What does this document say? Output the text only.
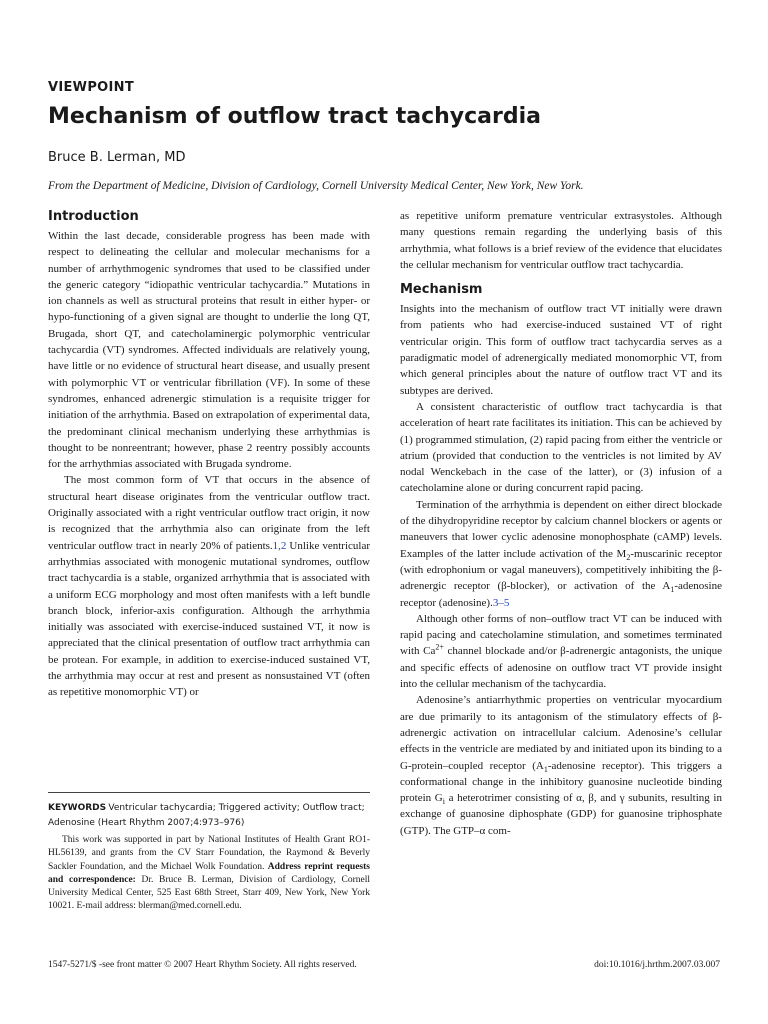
VIEWPOINT
Mechanism of outflow tract tachycardia
Bruce B. Lerman, MD
From the Department of Medicine, Division of Cardiology, Cornell University Medical Center, New York, New York.
Introduction

Within the last decade, considerable progress has been made with respect to delineating the cellular and molecular mechanisms for a number of arrhythmogenic syndromes that used to be classified under the generic category “idiopathic ventricular tachycardia.” Mutations in ion channels as well as structural proteins that result in either hyper- or hypo-functioning of a given signal are thought to underlie the long QT, Brugada, short QT, and catecholaminergic polymorphic ventricular tachycardia (VT) syndromes. Affected individuals are relatively young, have little or no evidence of structural heart disease, and usually present with polymorphic VT or ventricular fibrillation (VF). In some of these syndromes, enhanced adrenergic stimulation is a requisite trigger for initiation of the arrhythmia. Based on extrapolation of experimental data, the predominant clinical mechanism underlying these arrhythmias is thought to be nonreentrant; however, phase 2 reentry possibly accounts for the arrhythmias associated with Brugada syndrome.

The most common form of VT that occurs in the absence of structural heart disease originates from the ventricular outflow tract. Originally associated with a right ventricular outflow tract origin, it now is recognized that the arrhythmia also can originate from the left ventricular outflow tract in nearly 20% of patients.1,2 Unlike ventricular arrhythmias associated with monogenic mutational syndromes, outflow tract tachycardia is a stable, organized arrhythmia that is associated with a uniform ECG morphology and most often manifests with a left bundle branch block, inferior-axis configuration. Although the arrhythmia initially was associated with exercise-induced sustained VT, it now is appreciated that the clinical presentation of outflow tract arrhythmia can be protean. For example, in addition to exercise-induced sustained VT, the arrhythmia may occur at rest and present as nonsustained VT (often as repetitive monomorphic VT) or

KEYWORDS Ventricular tachycardia; Triggered activity; Outflow tract; Adenosine (Heart Rhythm 2007;4:973–976)

This work was supported in part by National Institutes of Health Grant RO1-HL56139, and grants from the CV Starr Foundation, the Raymond & Beverly Sackler Foundation, and the Michael Wolk Foundation. Address reprint requests and correspondence: Dr. Bruce B. Lerman, Division of Cardiology, Cornell University Medical Center, 525 East 68th Street, Starr 409, New York, New York 10021. E-mail address: blerman@med.cornell.edu.

as repetitive uniform premature ventricular extrasystoles. Although many questions remain regarding the underlying basis of this arrhythmia, what follows is a brief review of the evidence that elucidates the cellular mechanism for ventricular outflow tract tachycardia.

Mechanism

Insights into the mechanism of outflow tract VT initially were drawn from patients who had exercise-induced sustained VT of right ventricular origin. This form of outflow tract tachycardia serves as a paradigmatic model of adrenergically mediated monomorphic VT, from which general principles about the nature of outflow tract VT and its subtypes are derived.

A consistent characteristic of outflow tract tachycardia is that acceleration of heart rate facilitates its initiation. This can be achieved by (1) programmed stimulation, (2) rapid pacing from either the ventricle or atrium (provided that conduction to the ventricles is not limited by AV nodal Wenckebach in the case of the latter), or (3) infusion of a catecholamine alone or during concurrent rapid pacing.

Termination of the arrhythmia is dependent on either direct blockade of the dihydropyridine receptor by calcium channel blockers or agents or maneuvers that lower cyclic adenosine monophosphate (cAMP) levels. Examples of the latter include activation of the $M_2$-muscarinic receptor (with edrophonium or vagal maneuvers), competitively inhibiting the β-adrenergic receptor (β-blocker), or activation of the $A_1$-adenosine receptor (adenosine).3–5

Although other forms of non–outflow tract VT can be induced with rapid pacing and catecholamine stimulation, and sometimes terminated with $Ca^{2+}$ channel blockade and/or β-adrenergic antagonists, the unique and specific effects of adenosine on outflow tract VT provide insight into the cellular mechanism of the tachycardia.

Adenosine’s antiarrhythmic properties on ventricular myocardium are due primarily to its antagonism of the stimulatory effects of β-adrenergic activation on intracellular calcium. Adenosine’s cellular effects in the ventricle are mediated by and initiated upon its binding to a G-protein–coupled receptor ($A_1$-adenosine receptor). This triggers a conformational change in the inhibitory guanosine nucleotide binding protein $G_i$ a heterotrimer consisting of α, β, and γ subunits, resulting in exchange of guanosine diphosphate (GDP) for guanosine triphosphate (GTP). The GTP–α com-

1547-5271/$ -see front matter © 2007 Heart Rhythm Society. All rights reserved.	doi:10.1016/j.hrthm.2007.03.007
